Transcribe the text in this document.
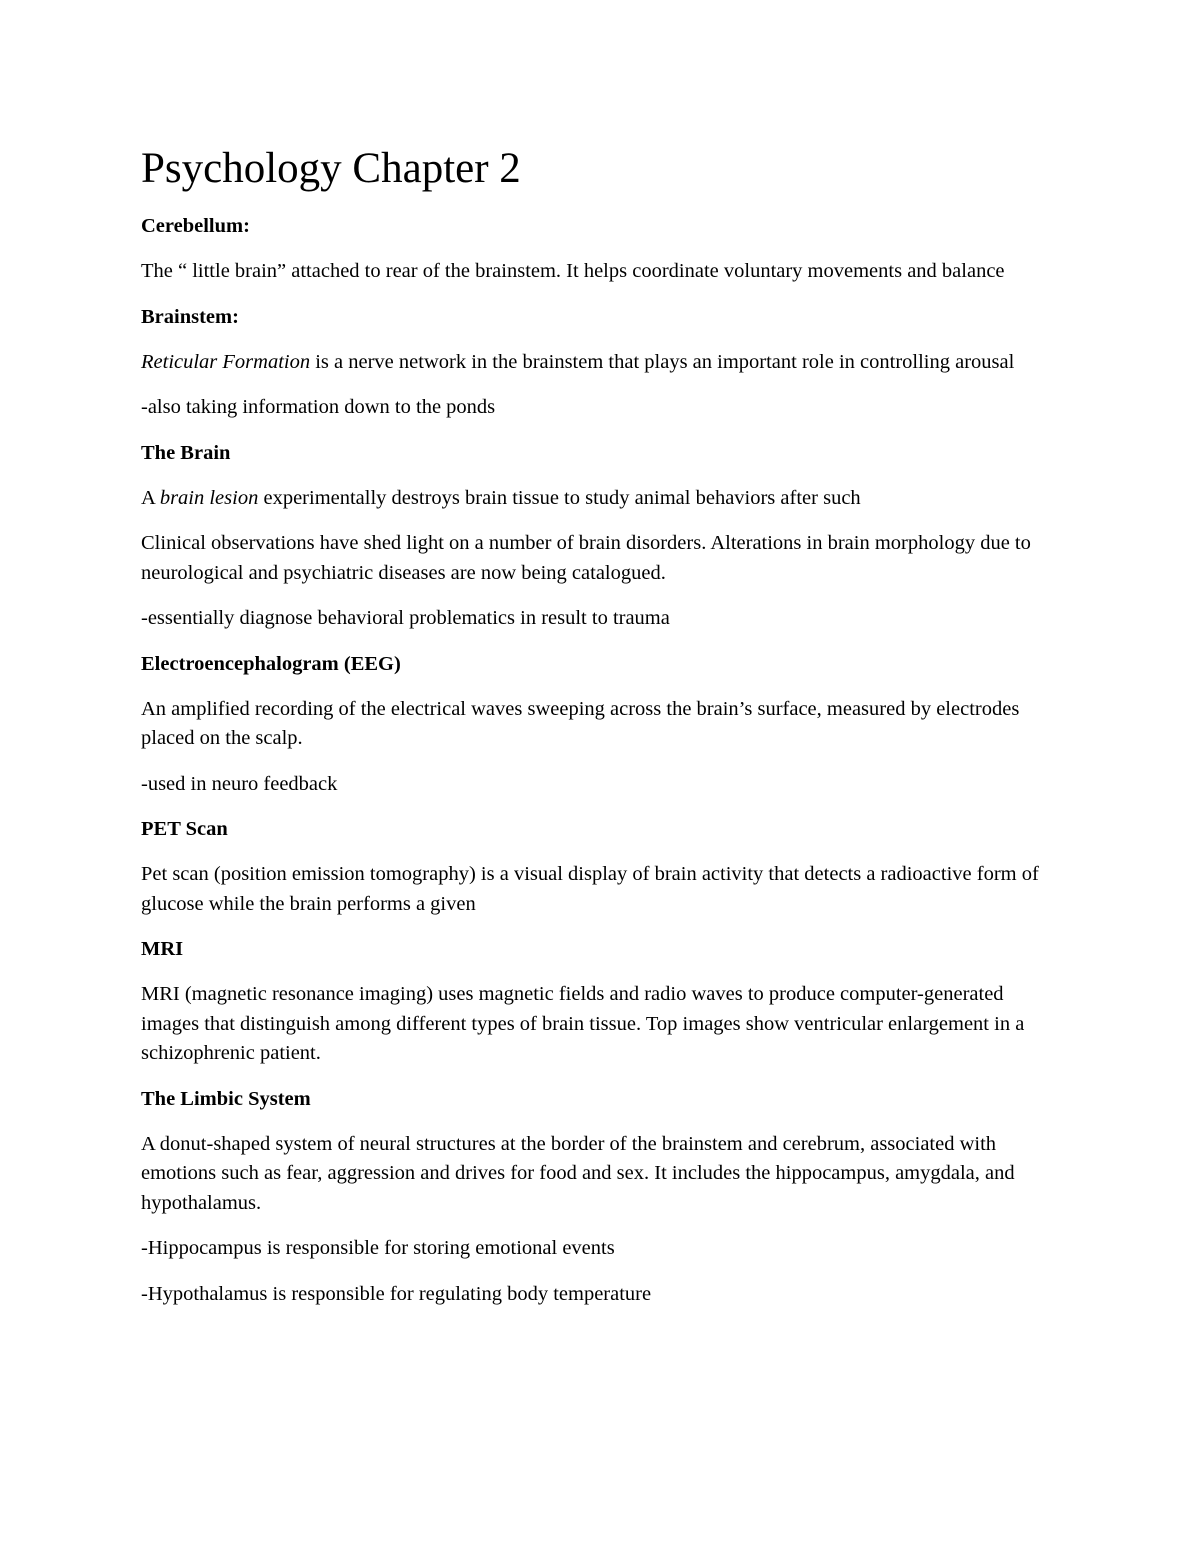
Psychology Chapter 2
Cerebellum:
The “ little brain” attached to rear of the brainstem. It helps coordinate voluntary movements and balance
Brainstem:
Reticular Formation is a nerve network in the brainstem that plays an important role in controlling arousal
-also taking information down to the ponds
The Brain
A brain lesion experimentally destroys brain tissue to study animal behaviors after such
Clinical observations have shed light on a number of brain disorders. Alterations in brain morphology due to neurological and psychiatric diseases are now being catalogued.
-essentially diagnose behavioral problematics in result to trauma
Electroencephalogram (EEG)
An amplified recording of the electrical waves sweeping across the brain’s surface, measured by electrodes placed on the scalp.
-used in neuro feedback
PET Scan
Pet scan (position emission tomography) is a visual display of brain activity that detects a radioactive form of glucose while the brain performs a given
MRI
MRI (magnetic resonance imaging) uses magnetic fields and radio waves to produce computer-generated images that distinguish among different types of brain tissue. Top images show ventricular enlargement in a schizophrenic patient.
The Limbic System
A donut-shaped system of neural structures at the border of the brainstem and cerebrum, associated with emotions such as fear, aggression and drives for food and sex. It includes the hippocampus, amygdala, and hypothalamus.
-Hippocampus is responsible for storing emotional events
-Hypothalamus is responsible for regulating body temperature
